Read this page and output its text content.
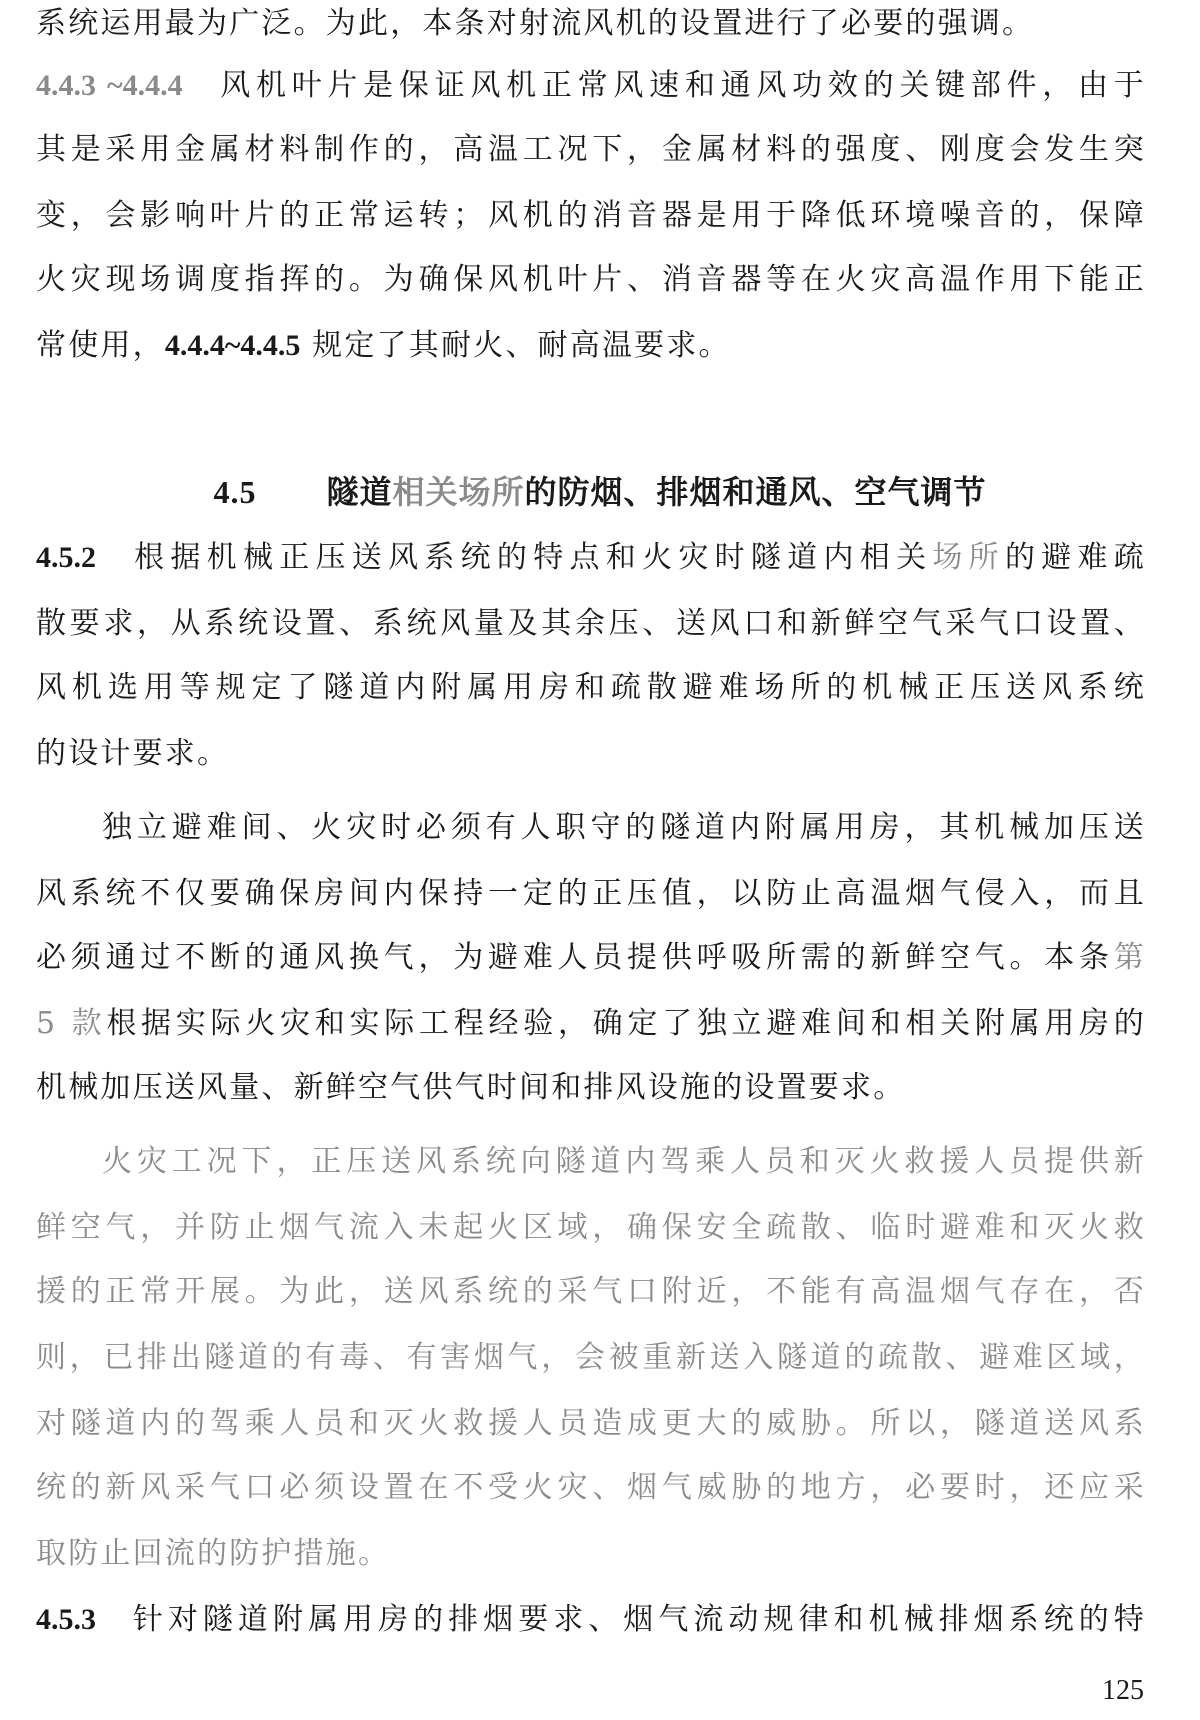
系统运用最为广泛。为此，本条对射流风机的设置进行了必要的强调。
4.4.3 ~4.4.4 风机叶片是保证风机正常风速和通风功效的关键部件，由于
其是采用金属材料制作的，高温工况下，金属材料的强度、刚度会发生突
变，会影响叶片的正常运转；风机的消音器是用于降低环境噪音的，保障
火灾现场调度指挥的。为确保风机叶片、消音器等在火灾高温作用下能正
常使用，4.4.4~4.4.5 规定了其耐火、耐高温要求。
4.5 隧道相关场所的防烟、排烟和通风、空气调节
4.5.2 根据机械正压送风系统的特点和火灾时隧道内相关场所的避难疏
散要求，从系统设置、系统风量及其余压、送风口和新鲜空气采气口设置、
风机选用等规定了隧道内附属用房和疏散避难场所的机械正压送风系统
的设计要求。
独立避难间、火灾时必须有人职守的隧道内附属用房，其机械加压送
风系统不仅要确保房间内保持一定的正压值，以防止高温烟气侵入，而且
必须通过不断的通风换气，为避难人员提供呼吸所需的新鲜空气。本条第
5 款根据实际火灾和实际工程经验，确定了独立避难间和相关附属用房的
机械加压送风量、新鲜空气供气时间和排风设施的设置要求。
火灾工况下，正压送风系统向隧道内驾乘人员和灭火救援人员提供新
鲜空气，并防止烟气流入未起火区域，确保安全疏散、临时避难和灭火救
援的正常开展。为此，送风系统的采气口附近，不能有高温烟气存在，否
则，已排出隧道的有毒、有害烟气，会被重新送入隧道的疏散、避难区域，
对隧道内的驾乘人员和灭火救援人员造成更大的威胁。所以，隧道送风系
统的新风采气口必须设置在不受火灾、烟气威胁的地方，必要时，还应采
取防止回流的防护措施。
4.5.3 针对隧道附属用房的排烟要求、烟气流动规律和机械排烟系统的特
125
